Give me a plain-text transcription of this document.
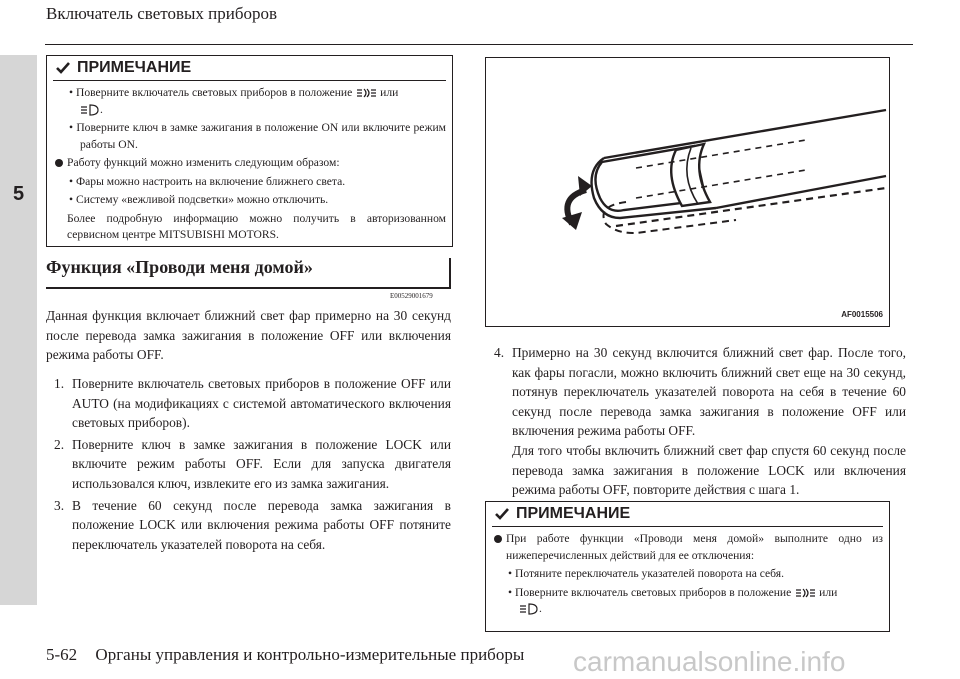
5
Включатель световых приборов
ПРИМЕЧАНИЕ

• Поверните включатель световых приборов в положение или
.

• Поверните ключ в замке зажигания в положение ON или включите режим работы ON.

Работу функций можно изменить следующим образом:

• Фары можно настроить на включение ближнего света.

• Систему «вежливой подсветки» можно отключить.

Более подробную информацию можно получить в авторизованном сервисном центре MITSUBISHI MOTORS.

Функция «Проводи меня домой»
E00529001679
Данная функция включает ближний свет фар примерно на 30 секунд после перевода замка зажигания в положение OFF или включения режима работы OFF.
1. Поверните включатель световых приборов в положение OFF или AUTO (на модификациях с системой автоматического включения световых приборов).
2. Поверните ключ в замке зажигания в положение LOCK или включите режим работы OFF. Если для запуска двигателя использовался ключ, извлеките его из замка зажигания.
3. В течение 60 секунд после перевода замка зажигания в положение LOCK или включения режима работы OFF потяните переключатель указателей поворота на себя.
AF0015506
4. Примерно на 30 секунд включится ближний свет фар. После того, как фары погасли, можно включить ближний свет еще на 30 секунд, потянув переключатель указателей поворота на себя в течение 60 секунд после перевода замка зажигания в положение OFF или включения режима работы OFF.
Для того чтобы включить ближний свет фар спустя 60 секунд после перевода замка зажигания в положение LOCK или включения режима работы OFF, повторите действия с шага 1.
ПРИМЕЧАНИЕ

При работе функции «Проводи меня домой» выполните одно из нижеперечисленных действий для ее отключения:

• Потяните переключатель указателей поворота на себя.

• Поверните включатель световых приборов в положение или
.

5-62 Органы управления и контрольно-измерительные приборы carmanualsonline.info
